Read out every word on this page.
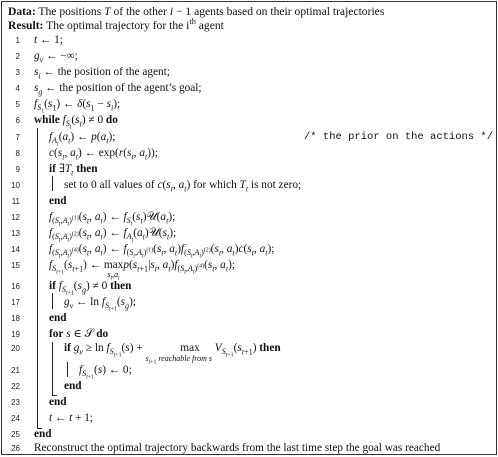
Data: The positions T of the other i − 1 agents based on their optimal trajectories
Result: The optimal trajectory for the $i^{th}$ agent
1
2
3
4
5
6
7
8
9
10
11
12
13
14
15
16
17
18
19
20
21
22
23
24
25
26
t ← 1;
$g_v$ ← −∞;
$s_i$ ← the position of the agent;
$s_g$ ← the position of the agent’s goal;
$f_{S_1}(s_1)$ ← $\delta(s_1 - s_i)$;
while $f_{S_t}(s_t) \ne 0$ do
$f_{A_t}(a_t)$ ← $p(a_t)$;	/* the prior on the actions */
$c(s_t$, $a_t$) ← $\exp(r(s_t$, $a_t$));
if $\exists T_t$ then
set to 0 all values of $c(s_t$, $a_t$) for which $T_t$ is not zero;
end
$f_{(S_t,A_t)^{(1)}}(s_t$, $a_t$) ← $f_{S_t}(s_t)𝒰(a_t)$;
$f_{(S_t,A_t)^{(2)}}(s_t$, $a_t$) ← $f_{A_t}(a_t)𝒰(s_t)$;
$f_{(S_t,A_t)^{(4)}}(s_t$, $a_t$) ← $f_{(S_t,A_t)^{(1)}}(s_t$, $a_t)f_{(S_t,A_t)^{(2)}}(s_t$, $a_t)c(s_t$, $a_t$);
$f_{S_{t+1}}(s_{t+1})$ ← max
$^{s_t,a_t}p(s_{t+1}|s_t$, $a_t)f_{(S_t,A_t)^{(4)}}(s_t$, $a_t$);
if $f_{S_{t+1}}(s_g) \ne 0$ then
$g_v$ ← $\ln f_{S_{t+1}}(s_g)$;
end
for s ∈ 𝒮 do
if $g_v \ge \ln f_{S_{t+1}}(s)$ +         max
$^{s_{t+1} reachable from s}$ $V_{S_{t+1}}(s_{t+1})$ then
$f_{S_{t+1}}(s)$ ← 0;
end
end
t ← t + 1;
end
Reconstruct the optimal trajectory backwards from the last time step the goal was reached
